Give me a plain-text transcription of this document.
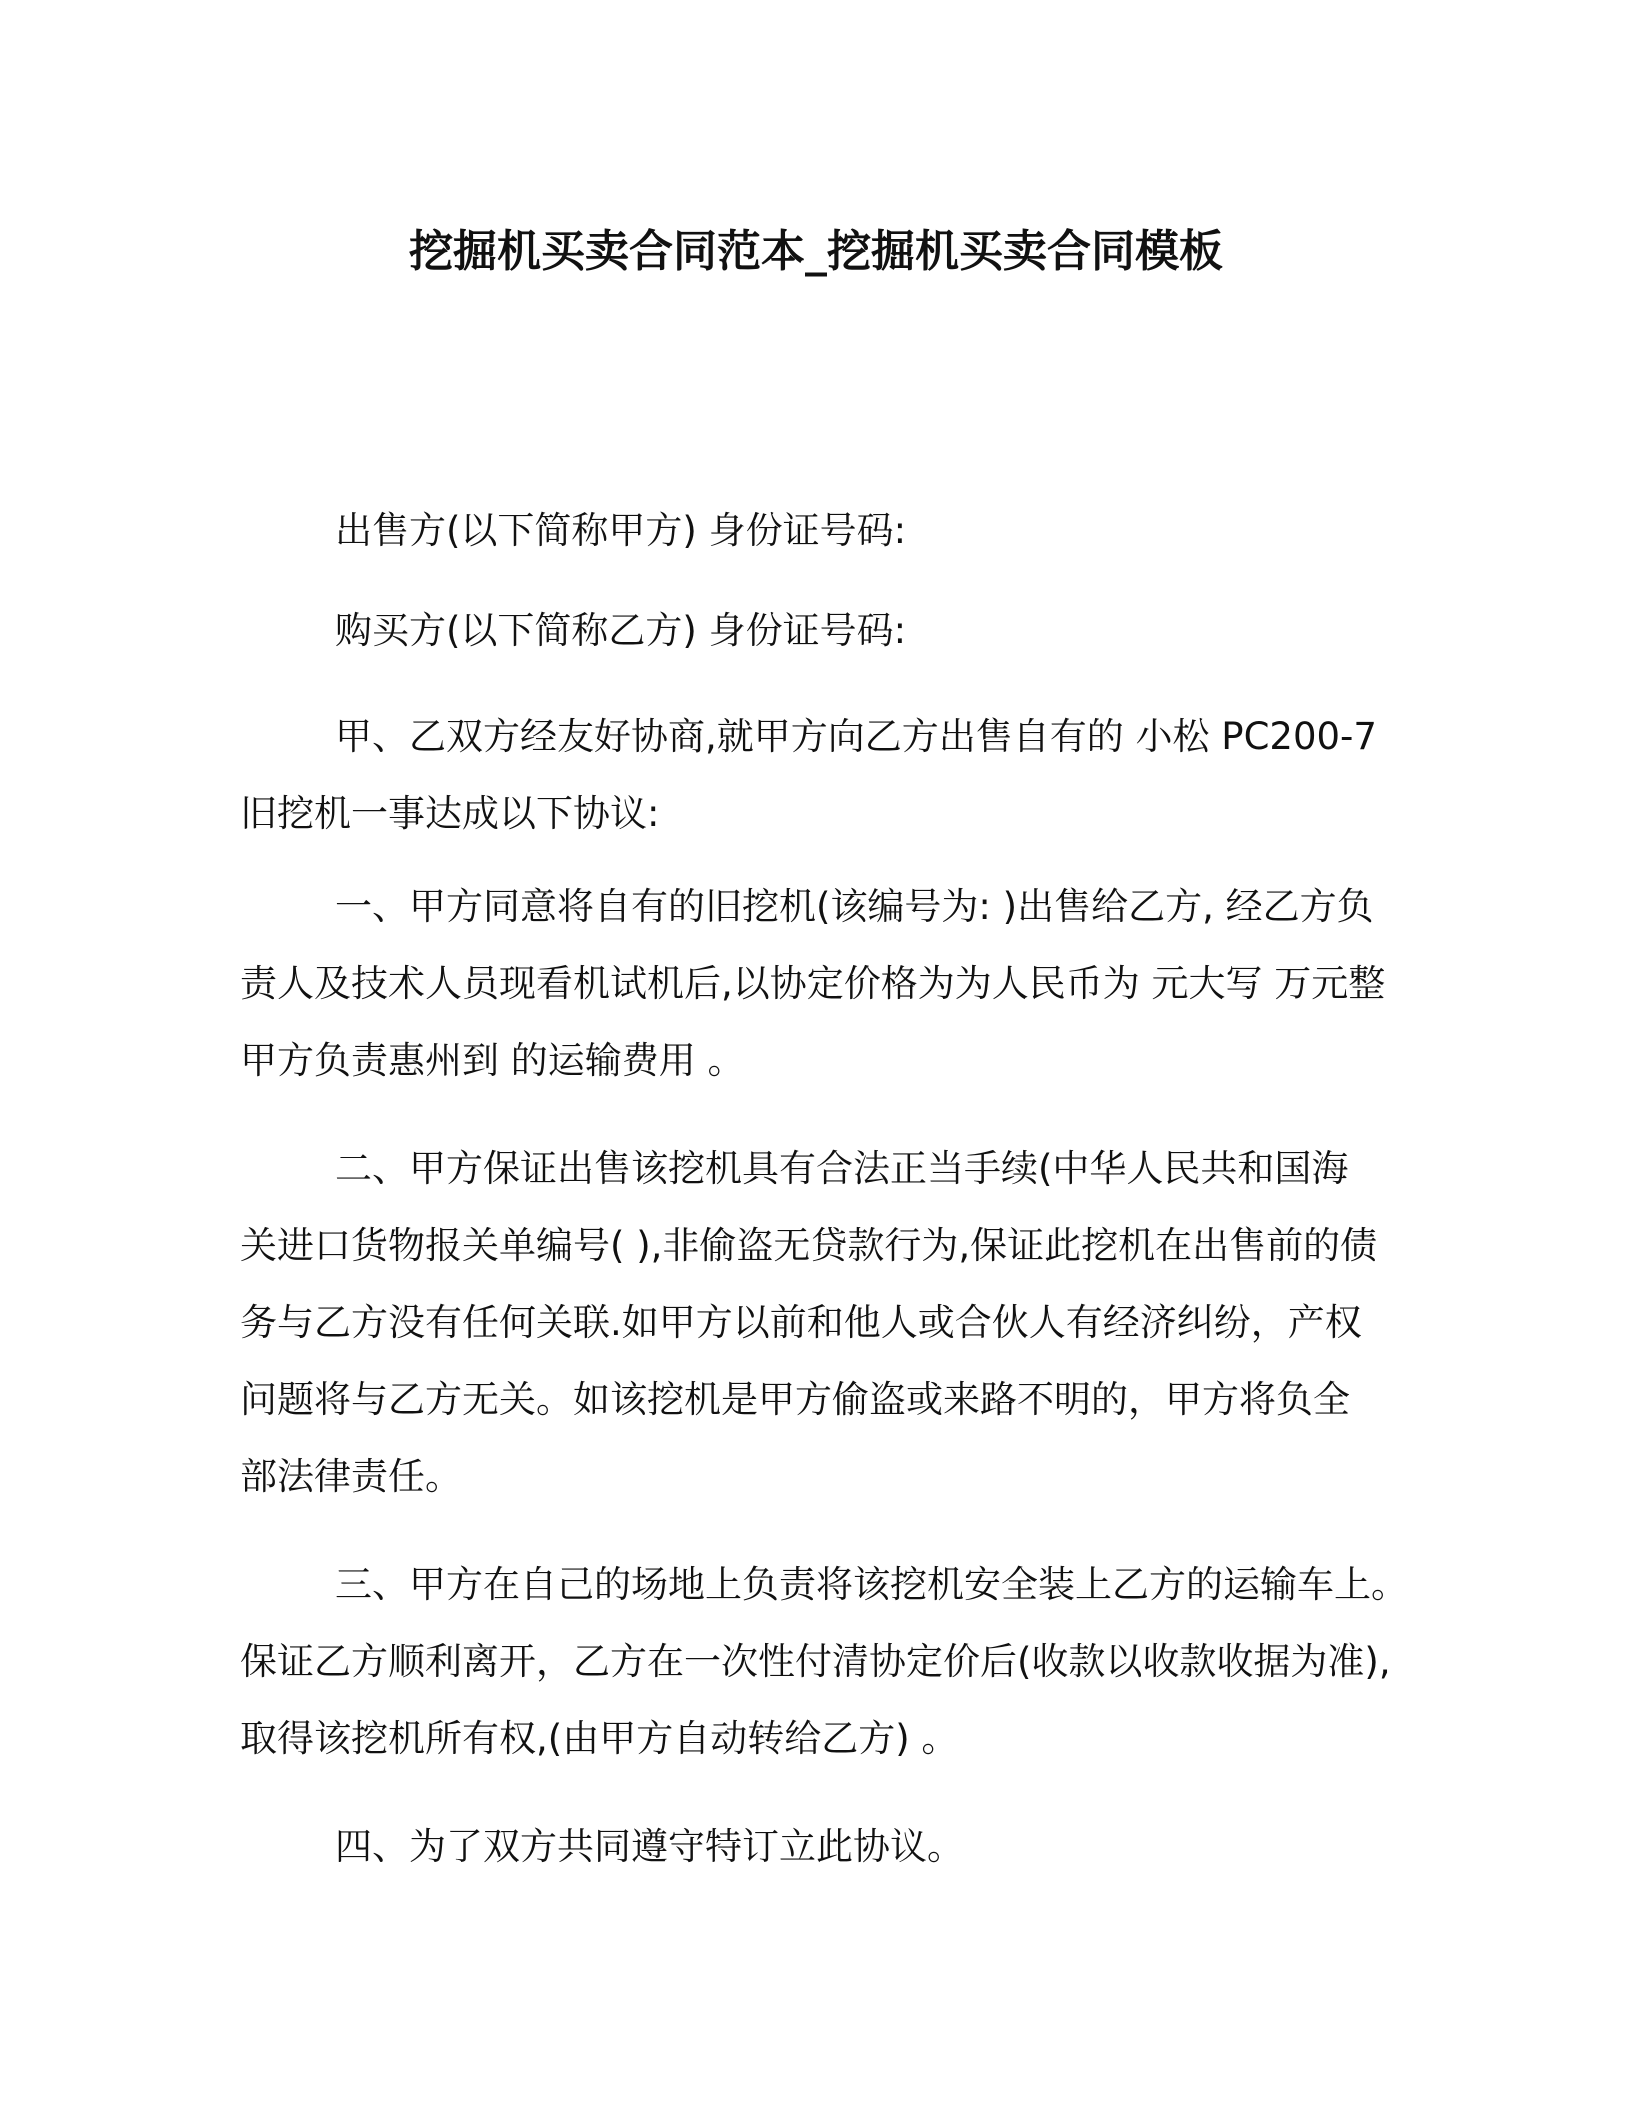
挖掘机买卖合同范本_挖掘机买卖合同模板
出售方(以下简称甲方) 身份证号码:
购买方(以下简称乙方) 身份证号码:
甲、乙双方经友好协商,就甲方向乙方出售自有的 小松 PC200-7
旧挖机一事达成以下协议:
一、甲方同意将自有的旧挖机(该编号为: )出售给乙方, 经乙方负
责人及技术人员现看机试机后,以协定价格为为人民币为 元大写 万元整
甲方负责惠州到 的运输费用 。
二、甲方保证出售该挖机具有合法正当手续(中华人民共和国海
关进口货物报关单编号( ),非偷盗无贷款行为,保证此挖机在出售前的债
务与乙方没有任何关联.如甲方以前和他人或合伙人有经济纠纷，产权
问题将与乙方无关。如该挖机是甲方偷盗或来路不明的，甲方将负全
部法律责任。
三、甲方在自己的场地上负责将该挖机安全装上乙方的运输车上。
保证乙方顺利离开，乙方在一次性付清协定价后(收款以收款收据为准),
取得该挖机所有权,(由甲方自动转给乙方) 。
四、为了双方共同遵守特订立此协议。
